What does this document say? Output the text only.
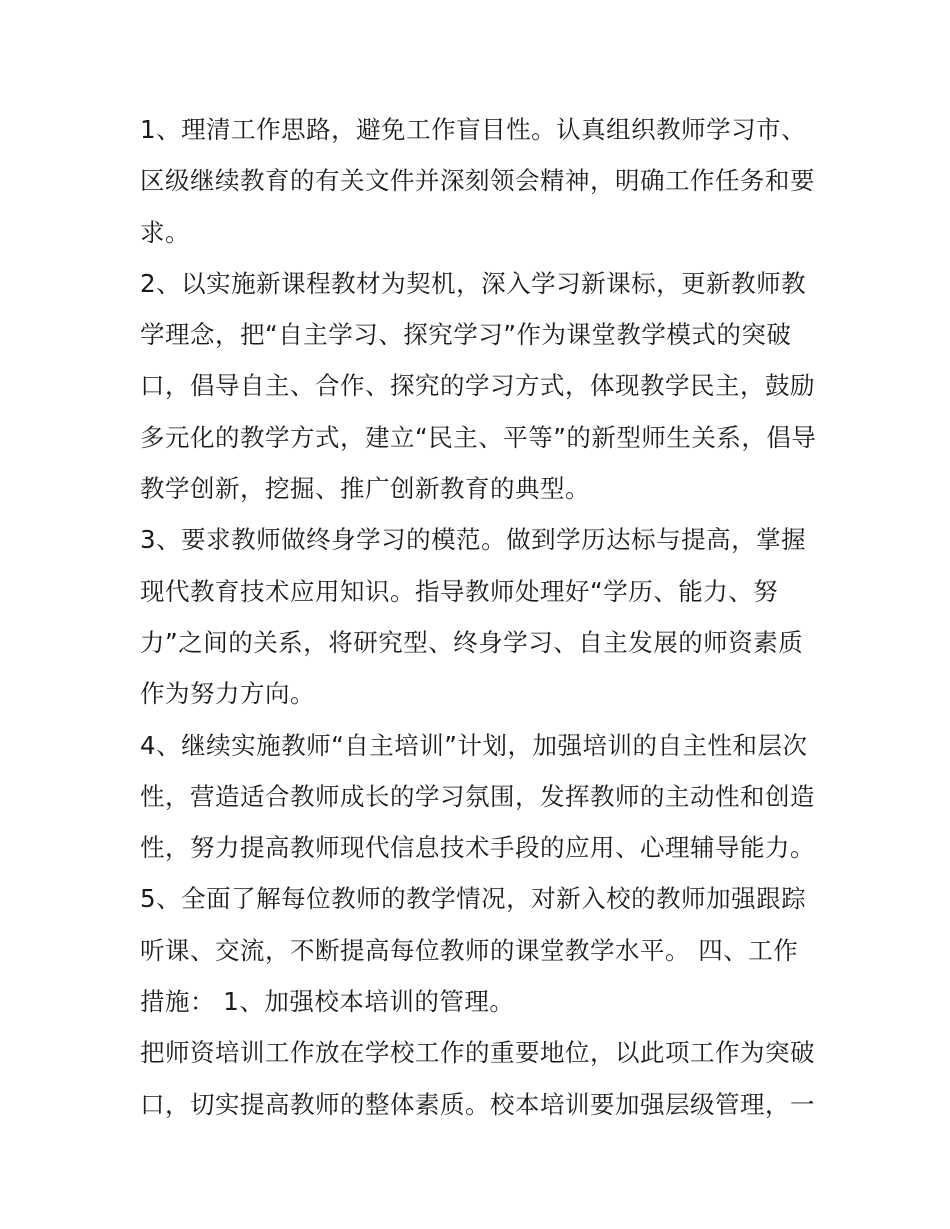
1、理清工作思路，避免工作盲目性。认真组织教师学习市、区级继续教育的有关文件并深刻领会精神，明确工作任务和要求。

2、以实施新课程教材为契机，深入学习新课标，更新教师教学理念，把“自主学习、探究学习”作为课堂教学模式的突破口，倡导自主、合作、探究的学习方式，体现教学民主，鼓励多元化的教学方式，建立“民主、平等”的新型师生关系，倡导教学创新，挖掘、推广创新教育的典型。

3、要求教师做终身学习的模范。做到学历达标与提高，掌握现代教育技术应用知识。指导教师处理好“学历、能力、努力”之间的关系，将研究型、终身学习、自主发展的师资素质作为努力方向。

4、继续实施教师“自主培训”计划，加强培训的自主性和层次性，营造适合教师成长的学习氛围，发挥教师的主动性和创造性，努力提高教师现代信息技术手段的应用、心理辅导能力。

5、全面了解每位教师的教学情况，对新入校的教师加强跟踪听课、交流，不断提高每位教师的课堂教学水平。 四、工作措施： 1、加强校本培训的管理。

把师资培训工作放在学校工作的重要地位，以此项工作为突破口，切实提高教师的整体素质。校本培训要加强层级管理，一
